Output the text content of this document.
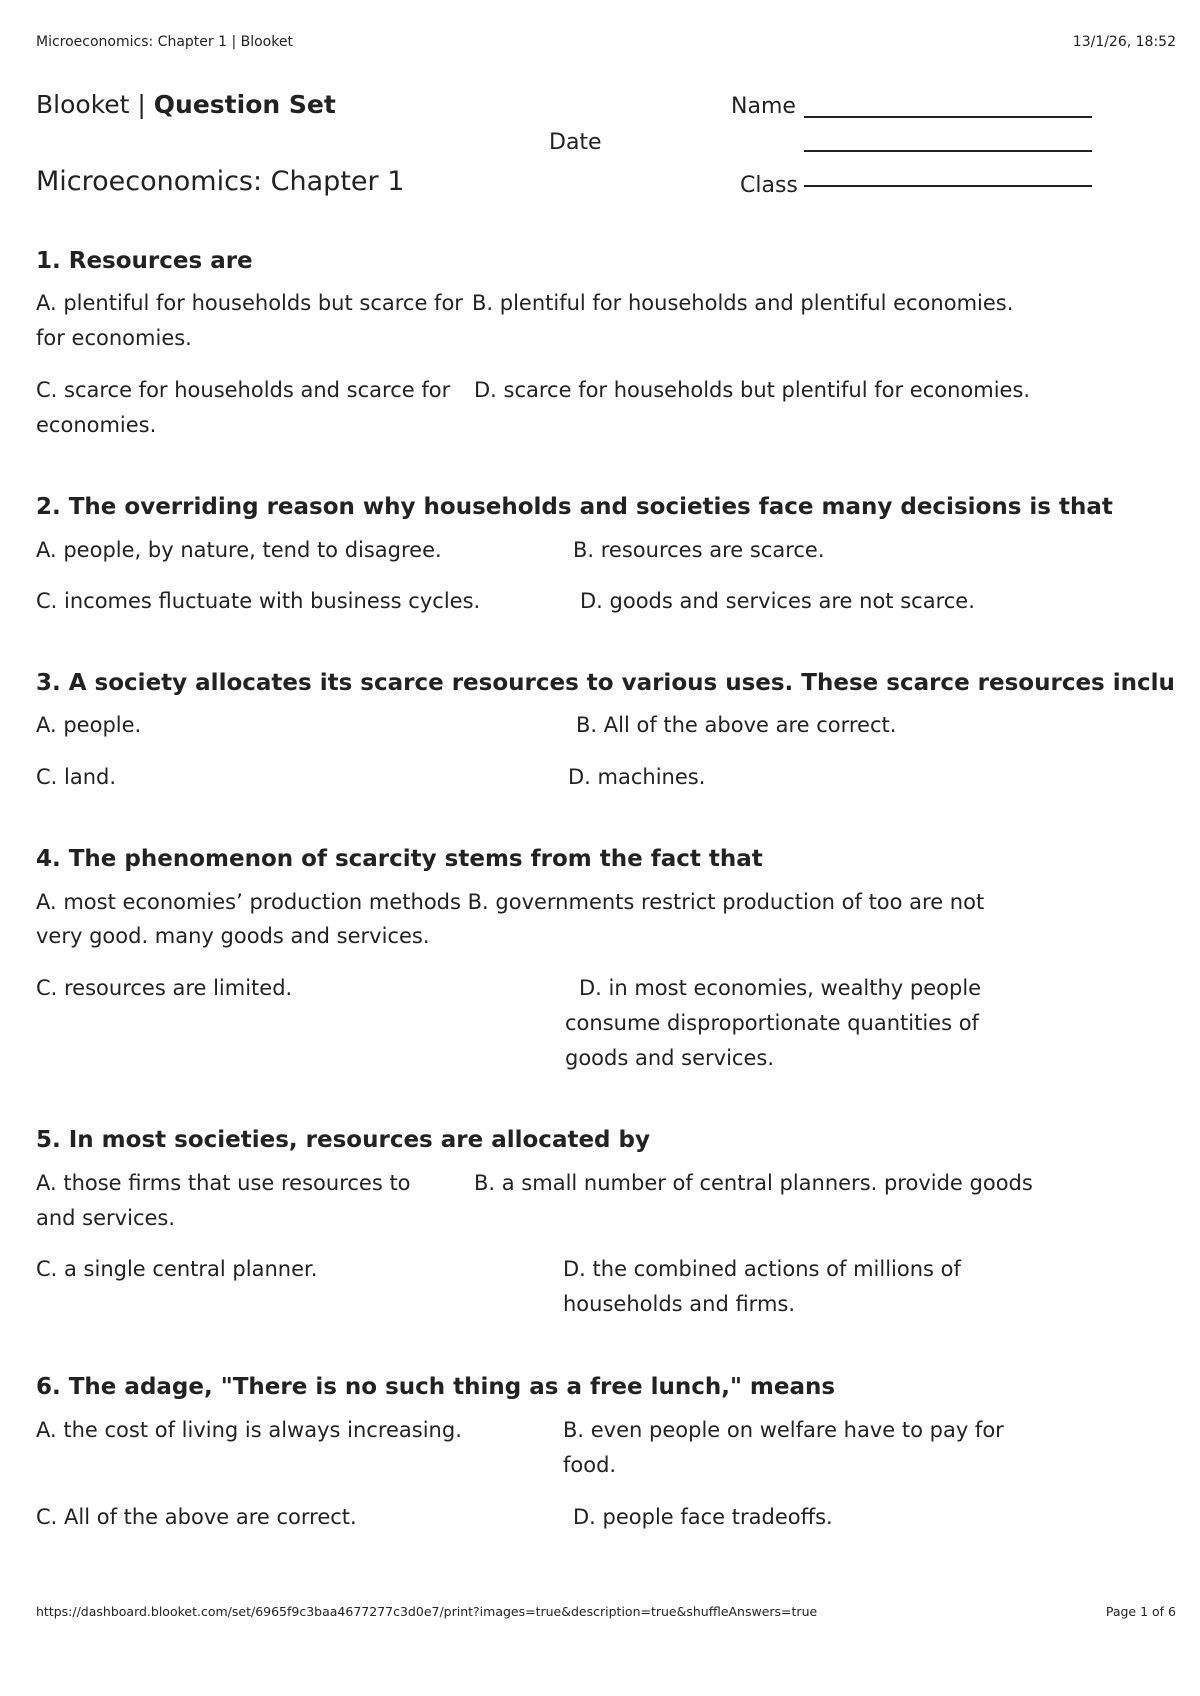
Microeconomics: Chapter 1 | Blooket	13/1/26, 18:52
Blooket | Question Set	Name
Date
Microeconomics: Chapter 1	Class
1. Resources are
A. plentiful for households but scarce for B. plentiful for households and plentiful economies.
for economies.
C. scarce for households and scarce for D. scarce for households but plentiful for economies.
economies.
2. The overriding reason why households and societies face many decisions is that
A. people, by nature, tend to disagree.	B. resources are scarce.
C. incomes fluctuate with business cycles.	D. goods and services are not scarce.
3. A society allocates its scarce resources to various uses. These scarce resources inclu
A. people.	B. All of the above are correct.
C. land.	D. machines.
4. The phenomenon of scarcity stems from the fact that
A. most economies’ production methods B. governments restrict production of too are not
very good. many goods and services.
C. resources are limited.	D. in most economies, wealthy people
consume disproportionate quantities of
goods and services.
5. In most societies, resources are allocated by
A. those firms that use resources to	B. a small number of central planners. provide goods
and services.
C. a single central planner.	D. the combined actions of millions of
households and firms.
6. The adage, "There is no such thing as a free lunch," means
A. the cost of living is always increasing.	B. even people on welfare have to pay for
food.
C. All of the above are correct.	D. people face tradeoffs.
https://dashboard.blooket.com/set/6965f9c3baa4677277c3d0e7/print?images=true&description=true&shuffleAnswers=true	Page 1 of 6
